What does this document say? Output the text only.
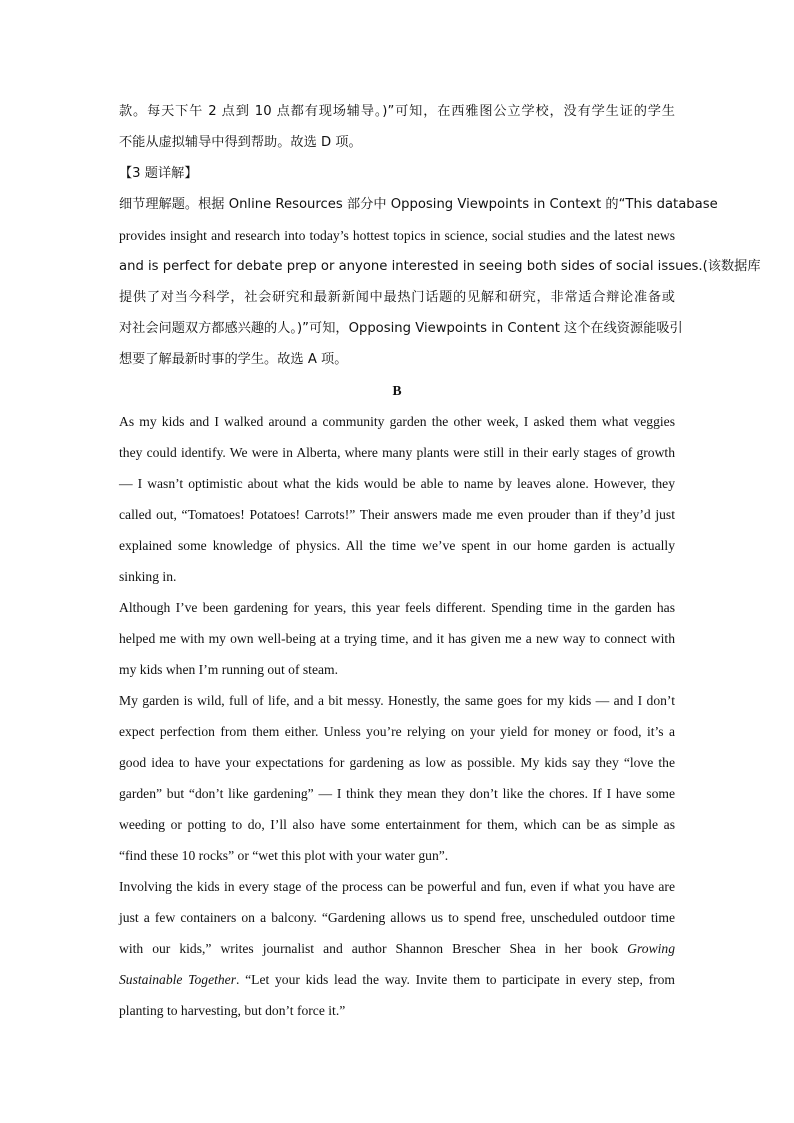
款。每天下午 2 点到 10 点都有现场辅导。)”可知，在西雅图公立学校，没有学生证的学生
不能从虚拟辅导中得到帮助。故选 D 项。
【3 题详解】
细节理解题。根据 Online Resources 部分中 Opposing Viewpoints in Context 的“This database
provides insight and research into today’s hottest topics in science, social studies and the latest news
and is perfect for debate prep or anyone interested in seeing both sides of social issues.(该数据库
提供了对当今科学，社会研究和最新新闻中最热门话题的见解和研究，非常适合辩论准备或
对社会问题双方都感兴趣的人。)”可知，Opposing Viewpoints in Content 这个在线资源能吸引
想要了解最新时事的学生。故选 A 项。
B
As my kids and I walked around a community garden the other week, I asked them what veggies
they could identify. We were in Alberta, where many plants were still in their early stages of growth
— I wasn’t optimistic about what the kids would be able to name by leaves alone. However, they
called out, “Tomatoes! Potatoes! Carrots!” Their answers made me even prouder than if they’d just
explained some knowledge of physics. All the time we’ve spent in our home garden is actually
sinking in.
Although I’ve been gardening for years, this year feels different. Spending time in the garden has
helped me with my own well-being at a trying time, and it has given me a new way to connect with
my kids when I’m running out of steam.
My garden is wild, full of life, and a bit messy. Honestly, the same goes for my kids — and I don’t
expect perfection from them either. Unless you’re relying on your yield for money or food, it’s a
good idea to have your expectations for gardening as low as possible. My kids say they “love the
garden” but “don’t like gardening” — I think they mean they don’t like the chores. If I have some
weeding or potting to do, I’ll also have some entertainment for them, which can be as simple as
“find these 10 rocks” or “wet this plot with your water gun”.
Involving the kids in every stage of the process can be powerful and fun, even if what you have are
just a few containers on a balcony. “Gardening allows us to spend free, unscheduled outdoor time
with our kids,” writes journalist and author Shannon Brescher Shea in her book Growing
Sustainable Together. “Let your kids lead the way. Invite them to participate in every step, from
planting to harvesting, but don’t force it.”
